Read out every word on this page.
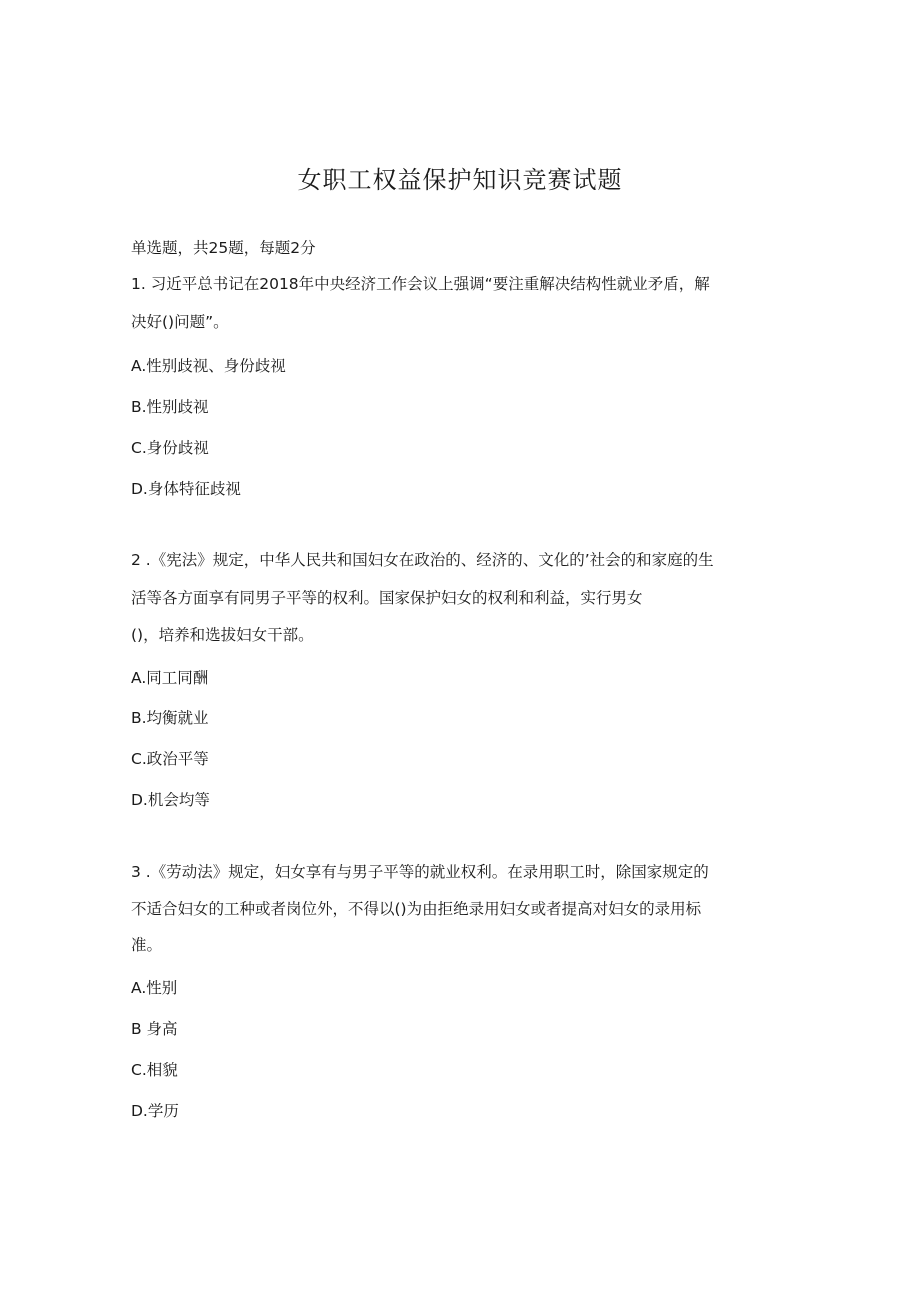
女职工权益保护知识竞赛试题
单选题，共25题，每题2分
1. 习近平总书记在2018年中央经济工作会议上强调“要注重解决结构性就业矛盾，解
决好()问题”。
A.性别歧视、身份歧视
B.性别歧视
C.身份歧视
D.身体特征歧视
2 .《宪法》规定，中华人民共和国妇女在政治的、经济的、文化的’社会的和家庭的生
活等各方面享有同男子平等的权利。国家保护妇女的权利和利益，实行男女
()，培养和选拔妇女干部。
A.同工同酬
B.均衡就业
C.政治平等
D.机会均等
3 .《劳动法》规定，妇女享有与男子平等的就业权利。在录用职工时，除国家规定的
不适合妇女的工种或者岗位外，不得以()为由拒绝录用妇女或者提高对妇女的录用标
准。
A.性别
B 身高
C.相貌
D.学历
